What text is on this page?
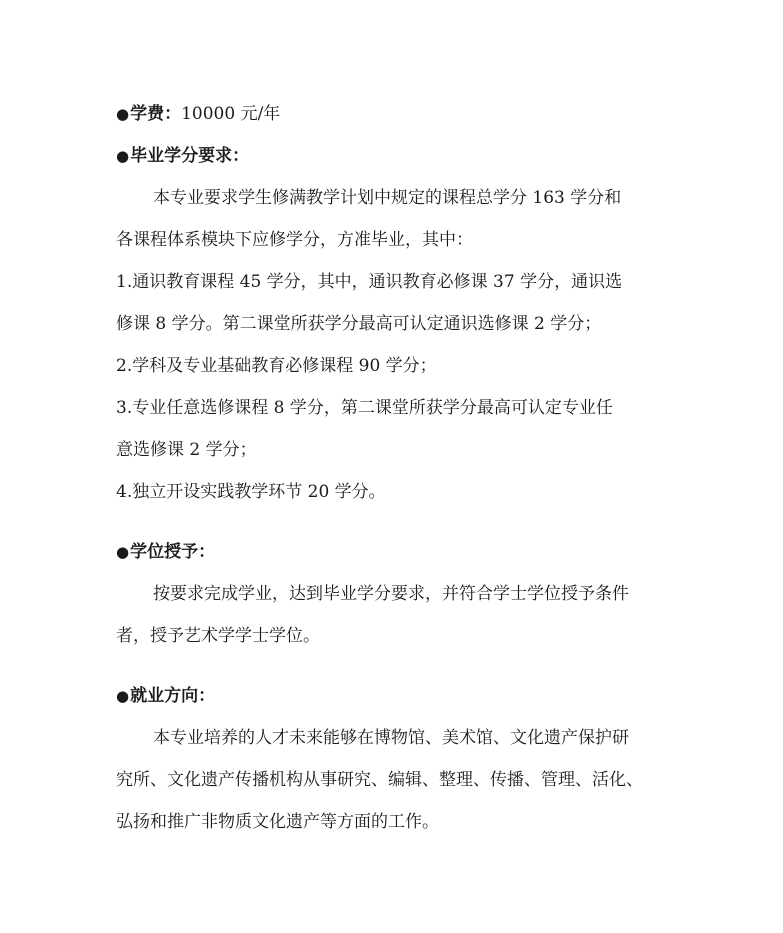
●学费：10000 元/年
●毕业学分要求：
本专业要求学生修满教学计划中规定的课程总学分 163 学分和
各课程体系模块下应修学分，方准毕业，其中：
1.通识教育课程 45 学分，其中，通识教育必修课 37 学分，通识选
修课 8 学分。第二课堂所获学分最高可认定通识选修课 2 学分；
2.学科及专业基础教育必修课程 90 学分；
3.专业任意选修课程 8 学分，第二课堂所获学分最高可认定专业任
意选修课 2 学分；
4.独立开设实践教学环节 20 学分。
●学位授予：
按要求完成学业，达到毕业学分要求，并符合学士学位授予条件
者，授予艺术学学士学位。
●就业方向：
本专业培养的人才未来能够在博物馆、美术馆、文化遗产保护研
究所、文化遗产传播机构从事研究、编辑、整理、传播、管理、活化、
弘扬和推广非物质文化遗产等方面的工作。
